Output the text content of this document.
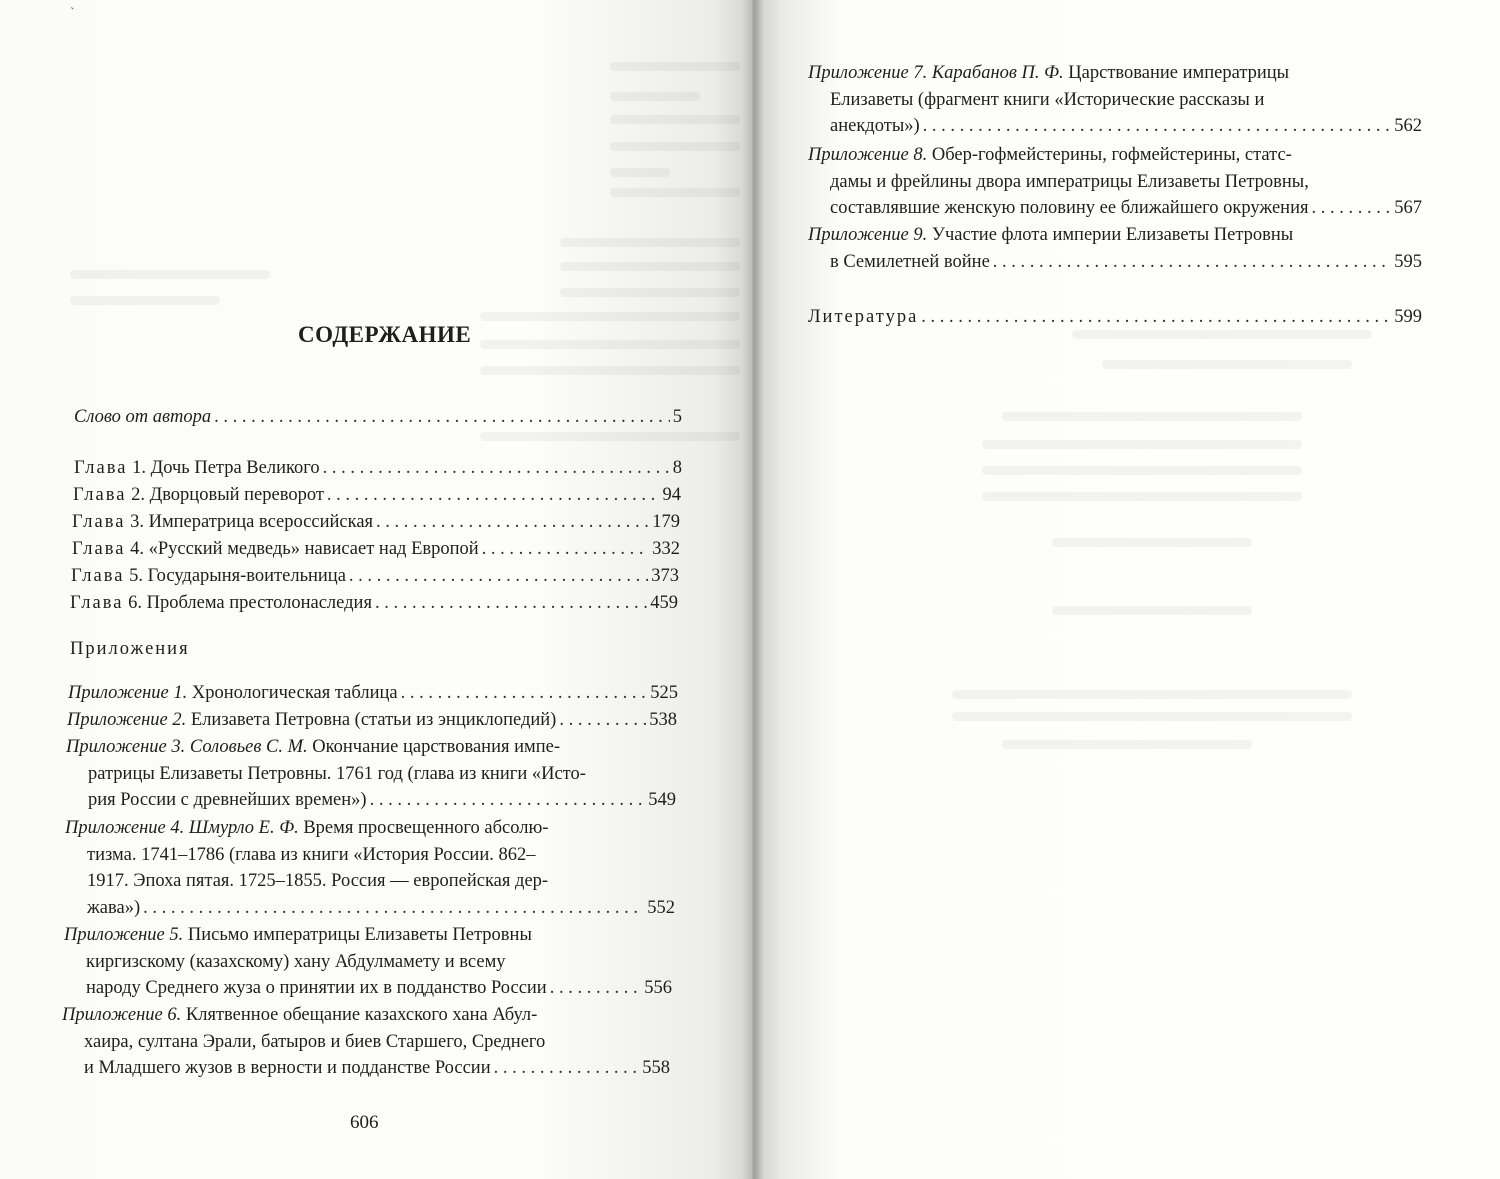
`
СОДЕРЖАНИЕ
Слово от автора . . .	5
Глава 1. Дочь Петра Великого . . .	8
Глава 2. Дворцовый переворот . . .	94
Глава 3. Императрица всероссийская . . .	179
Глава 4. «Русский медведь» нависает над Европой . . .	332
Глава 5. Государыня-воительница . . .	373
Глава 6. Проблема престолонаследия . . .	459
Приложения
Приложение 1. Хронологическая таблица . . .	525
Приложение 2. Елизавета Петровна (статьи из энциклопедий) . . .	538
Приложение 3. Соловьев С. М. Окончание царствования импе-
ратрицы Елизаветы Петровны. 1761 год (глава из книги «Исто-
рия России с древнейших времен») . . .	549
Приложение 4. Шмурло Е. Ф. Время просвещенного абсолю-
тизма. 1741–1786 (глава из книги «История России. 862–
1917. Эпоха пятая. 1725–1855. Россия — европейская дер-
жава») . . .	552
Приложение 5. Письмо императрицы Елизаветы Петровны
киргизскому (казахскому) хану Абдулмамету и всему
народу Среднего жуза о принятии их в подданство России . . .	556
Приложение 6. Клятвенное обещание казахского хана Абул-
хаира, султана Эрали, батыров и биев Старшего, Среднего
и Младшего жузов в верности и подданстве России . . .	558

606

Приложение 7. Карабанов П. Ф. Царствование императрицы
Елизаветы (фрагмент книги «Исторические рассказы и
анекдоты») . . .	562
Приложение 8. Обер-гофмейстерины, гофмейстерины, статс-
дамы и фрейлины двора императрицы Елизаветы Петровны,
составлявшие женскую половину ее ближайшего окружения . . .	567
Приложение 9. Участие флота империи Елизаветы Петровны
в Семилетней войне . . .	595
Литература . . .	599
